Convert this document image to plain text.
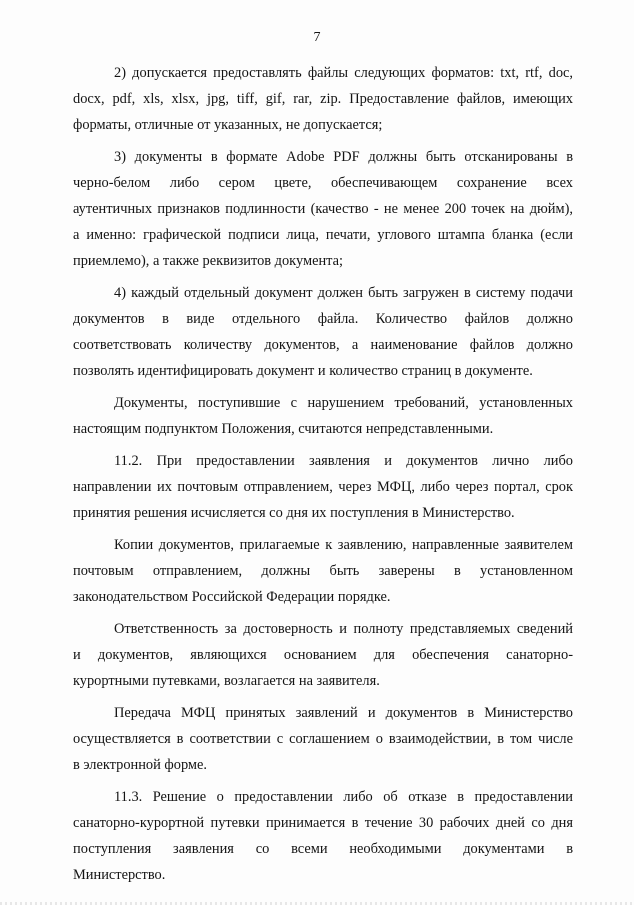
7
2) допускается предоставлять файлы следующих форматов: txt, rtf, doc,
docx, pdf, xls, xlsx, jpg, tiff, gif, rar, zip. Предоставление файлов, имеющих
форматы, отличные от указанных, не допускается;
3) документы в формате Adobe PDF должны быть отсканированы в
черно-белом либо сером цвете, обеспечивающем сохранение всех
аутентичных признаков подлинности (качество - не менее 200 точек на дюйм),
а именно: графической подписи лица, печати, углового штампа бланка (если
приемлемо), а также реквизитов документа;
4) каждый отдельный документ должен быть загружен в систему подачи
документов в виде отдельного файла. Количество файлов должно
соответствовать количеству документов, а наименование файлов должно
позволять идентифицировать документ и количество страниц в документе.
Документы, поступившие с нарушением требований, установленных
настоящим подпунктом Положения, считаются непредставленными.
11.2. При предоставлении заявления и документов лично либо
направлении их почтовым отправлением, через МФЦ, либо через портал, срок
принятия решения исчисляется со дня их поступления в Министерство.
Копии документов, прилагаемые к заявлению, направленные заявителем
почтовым отправлением, должны быть заверены в установленном
законодательством Российской Федерации порядке.
Ответственность за достоверность и полноту представляемых сведений
и документов, являющихся основанием для обеспечения санаторно-
курортными путевками, возлагается на заявителя.
Передача МФЦ принятых заявлений и документов в Министерство
осуществляется в соответствии с соглашением о взаимодействии, в том числе
в электронной форме.
11.3. Решение о предоставлении либо об отказе в предоставлении
санаторно-курортной путевки принимается в течение 30 рабочих дней со дня
поступления заявления со всеми необходимыми документами в
Министерство.
